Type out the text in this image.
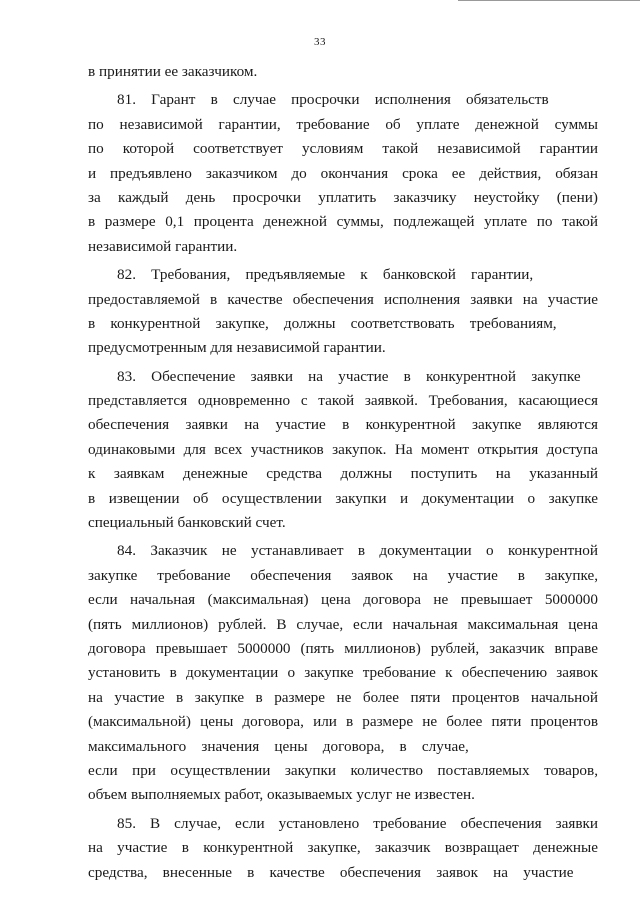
33
в принятии ее заказчиком.
81. Гарант в случае просрочки исполнения обязательств
по независимой гарантии, требование об уплате денежной суммы
по которой соответствует условиям такой независимой гарантии
и предъявлено заказчиком до окончания срока ее действия, обязан
за каждый день просрочки уплатить заказчику неустойку (пени)
в размере 0,1 процента денежной суммы, подлежащей уплате по такой
независимой гарантии.
82. Требования, предъявляемые к банковской гарантии,
предоставляемой в качестве обеспечения исполнения заявки на участие
в конкурентной закупке, должны соответствовать требованиям,
предусмотренным для независимой гарантии.
83. Обеспечение заявки на участие в конкурентной закупке
представляется одновременно с такой заявкой. Требования, касающиеся
обеспечения заявки на участие в конкурентной закупке являются
одинаковыми для всех участников закупок. На момент открытия доступа
к заявкам денежные средства должны поступить на указанный
в извещении об осуществлении закупки и документации о закупке
специальный банковский счет.
84. Заказчик не устанавливает в документации о конкурентной
закупке требование обеспечения заявок на участие в закупке,
если начальная (максимальная) цена договора не превышает 5000000
(пять миллионов) рублей. В случае, если начальная максимальная цена
договора превышает 5000000 (пять миллионов) рублей, заказчик вправе
установить в документации о закупке требование к обеспечению заявок
на участие в закупке в размере не более пяти процентов начальной
(максимальной) цены договора, или в размере не более пяти процентов
максимального значения цены договора, в случае,
если при осуществлении закупки количество поставляемых товаров,
объем выполняемых работ, оказываемых услуг не известен.
85. В случае, если установлено требование обеспечения заявки
на участие в конкурентной закупке, заказчик возвращает денежные
средства, внесенные в качестве обеспечения заявок на участие
